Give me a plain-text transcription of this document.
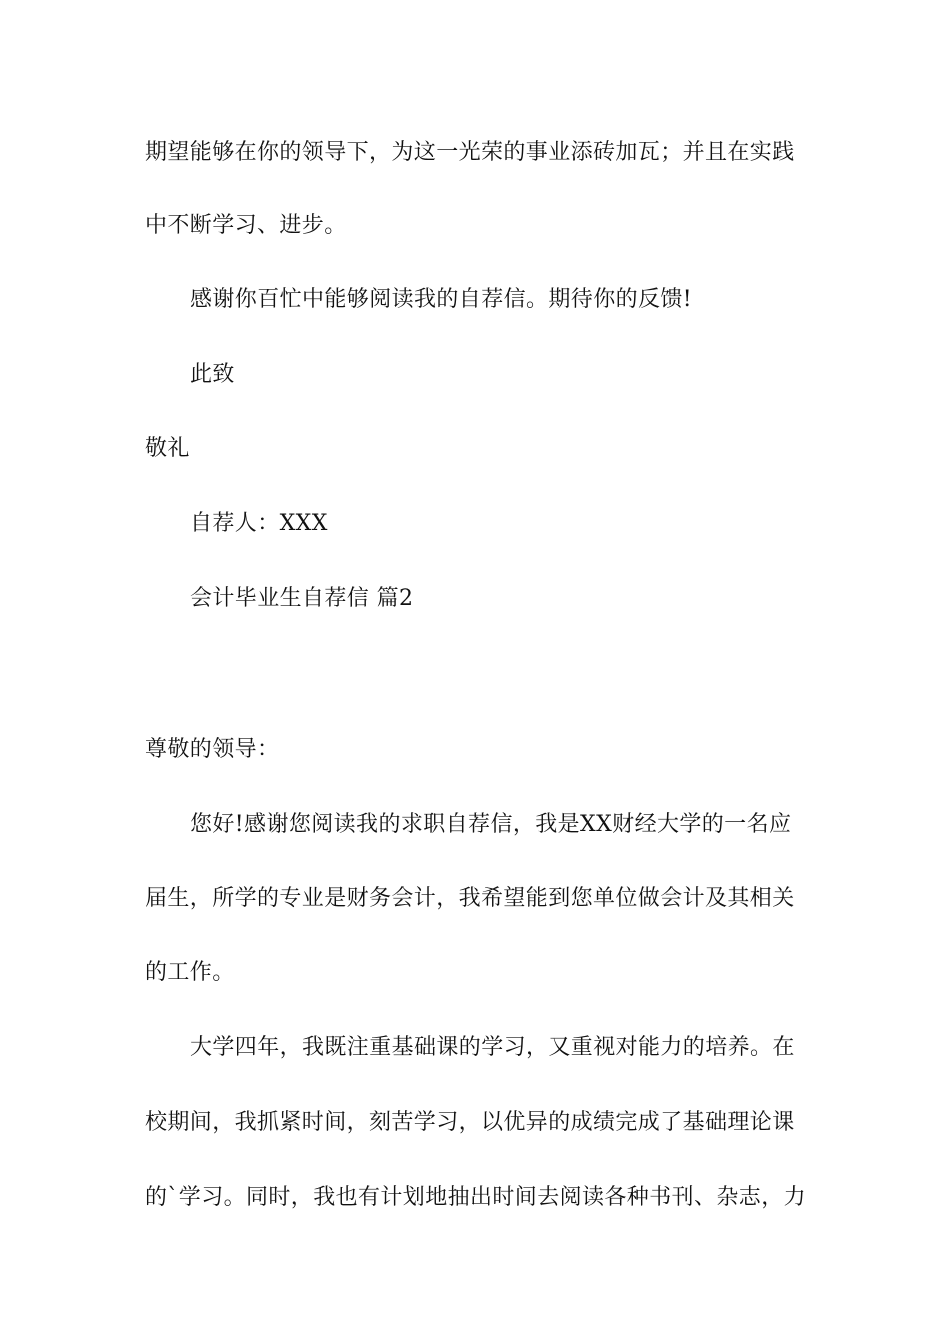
期望能够在你的领导下，为这一光荣的事业添砖加瓦；并且在实践
中不断学习、进步。
感谢你百忙中能够阅读我的自荐信。期待你的反馈!
此致
敬礼
自荐人：XXX
会计毕业生自荐信 篇2
尊敬的领导：
您好!感谢您阅读我的求职自荐信，我是XX财经大学的一名应
届生，所学的专业是财务会计，我希望能到您单位做会计及其相关
的工作。
大学四年，我既注重基础课的学习，又重视对能力的培养。在
校期间，我抓紧时间，刻苦学习，以优异的成绩完成了基础理论课
的`学习。同时，我也有计划地抽出时间去阅读各种书刊、杂志，力
